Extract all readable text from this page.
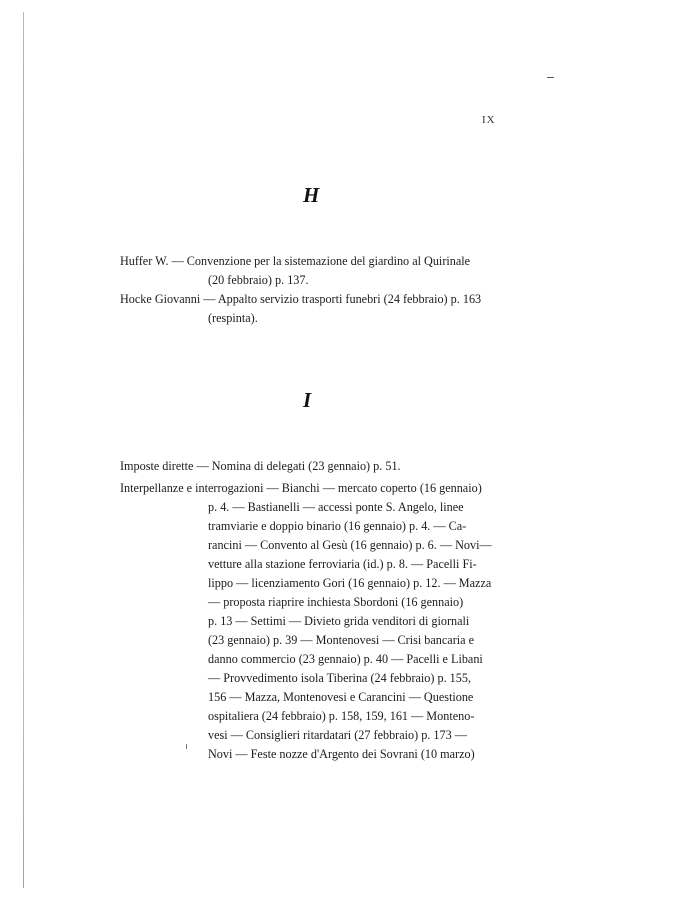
IX
H
Huffer W. — Convenzione per la sistemazione del giardino al Quirinale
(20 febbraio) p. 137.
Hocke Giovanni — Appalto servizio trasporti funebri (24 febbraio) p. 163
(respinta).
I
Imposte dirette — Nomina di delegati (23 gennaio) p. 51.
Interpellanze e interrogazioni — Bianchi — mercato coperto (16 gennaio)
p. 4. — Bastianelli — accessi ponte S. Angelo, linee
tramviarie e doppio binario (16 gennaio) p. 4. — Ca-
rancini — Convento al Gesù (16 gennaio) p. 6. — Novi—
vetture alla stazione ferroviaria (id.) p. 8. — Pacelli Fi-
lippo — licenziamento Gori (16 gennaio) p. 12. — Mazza
— proposta riaprire inchiesta Sbordoni (16 gennaio)
p. 13 — Settimi — Divieto grida venditori di giornali
(23 gennaio) p. 39 — Montenovesi — Crisi bancaria e
danno commercio (23 gennaio) p. 40 — Pacelli e Libani
— Provvedimento isola Tiberina (24 febbraio) p. 155,
156 — Mazza, Montenovesi e Carancini — Questione
ospitaliera (24 febbraio) p. 158, 159, 161 — Monteno-
vesi — Consiglieri ritardatari (27 febbraio) p. 173 —
Novi — Feste nozze d'Argento dei Sovrani (10 marzo)
